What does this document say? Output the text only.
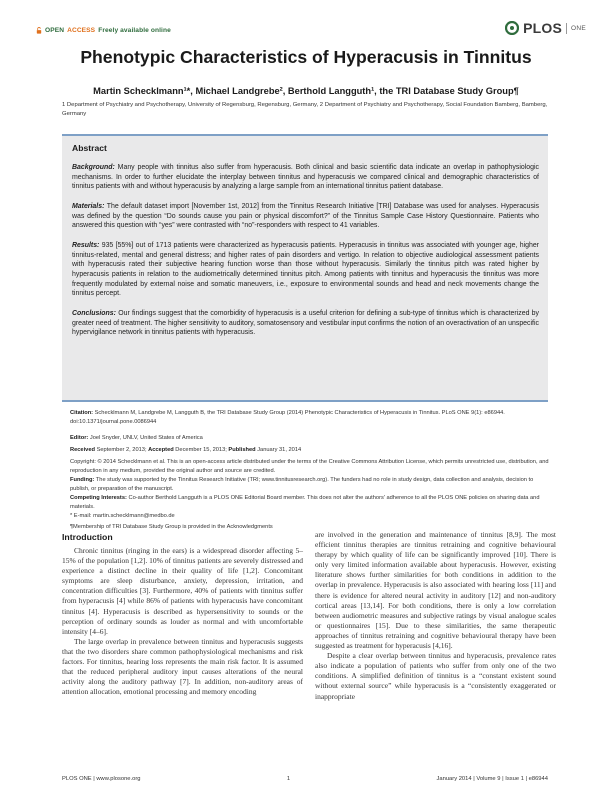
OPEN ACCESS Freely available online	PLOS ONE
Phenotypic Characteristics of Hyperacusis in Tinnitus
Martin Schecklmann¹*, Michael Landgrebe², Berthold Langguth¹, the TRI Database Study Group¶
1 Department of Psychiatry and Psychotherapy, University of Regensburg, Regensburg, Germany, 2 Department of Psychiatry and Psychotherapy, Social Foundation Bamberg, Bamberg, Germany
Abstract

Background: Many people with tinnitus also suffer from hyperacusis. Both clinical and basic scientific data indicate an overlap in pathophysiologic mechanisms. In order to further elucidate the interplay between tinnitus and hyperacusis we compared clinical and demographic characteristics of tinnitus patients with and without hyperacusis by analyzing a large sample from an international tinnitus patient database.

Materials: The default dataset import [November 1st, 2012] from the Tinnitus Research Initiative [TRI] Database was used for analyses. Hyperacusis was defined by the question “Do sounds cause you pain or physical discomfort?” of the Tinnitus Sample Case History Questionnaire. Patients who answered this question with “yes” were contrasted with “no”-responders with respect to 41 variables.

Results: 935 [55%] out of 1713 patients were characterized as hyperacusis patients. Hyperacusis in tinnitus was associated with younger age, higher tinnitus-related, mental and general distress; and higher rates of pain disorders and vertigo. In relation to objective audiological assessment patients with hyperacusis rated their subjective hearing function worse than those without hyperacusis. Similarly the tinnitus pitch was rated higher by hyperacusis patients in relation to the audiometrically determined tinnitus pitch. Among patients with tinnitus and hyperacusis the tinnitus was more frequently modulated by external noise and somatic maneuvers, i.e., exposure to environmental sounds and head and neck movements change the tinnitus percept.

Conclusions: Our findings suggest that the comorbidity of hyperacusis is a useful criterion for defining a sub-type of tinnitus which is characterized by greater need of treatment. The higher sensitivity to auditory, somatosensory and vestibular input confirms the notion of an overactivation of an unspecific hypervigilance network in tinnitus patients with hyperacusis.

Citation: Schecklmann M, Landgrebe M, Langguth B, the TRI Database Study Group (2014) Phenotypic Characteristics of Hyperacusis in Tinnitus. PLoS ONE 9(1): e86944. doi:10.1371/journal.pone.0086944
Editor: Joel Snyder, UNLV, United States of America
Received September 2, 2013; Accepted December 15, 2013; Published January 31, 2014
Copyright: © 2014 Schecklmann et al. This is an open-access article distributed under the terms of the Creative Commons Attribution License, which permits unrestricted use, distribution, and reproduction in any medium, provided the original author and source are credited.
Funding: The study was supported by the Tinnitus Research Initiative (TRI; www.tinnitusresearch.org). The funders had no role in study design, data collection and analysis, decision to publish, or preparation of the manuscript.
Competing Interests: Co-author Berthold Langguth is a PLOS ONE Editorial Board member. This does not alter the authors' adherence to all the PLOS ONE policies on sharing data and materials.
* E-mail: martin.schecklmann@medbo.de
¶Membership of TRI Database Study Group is provided in the Acknowledgments
Introduction

Chronic tinnitus (ringing in the ears) is a widespread disorder affecting 5–15% of the population [1,2]. 10% of tinnitus patients are severely distressed and experience a distinct decline in their quality of life [1,2]. Concomitant symptoms are sleep disturbance, anxiety, depression, irritation, and concentration difficulties [3]. Furthermore, 40% of patients with tinnitus suffer from hyperacusis [4] while 86% of patients with hyperacusis have concomitant tinnitus [4]. Hyperacusis is described as hypersensitivity to sounds or the perception of ordinary sounds as louder as normal and with uncomfortable intensity [4–6].

The large overlap in prevalence between tinnitus and hyperacusis suggests that the two disorders share common pathophysiological mechanisms and risk factors. For tinnitus, hearing loss represents the main risk factor. It is assumed that the reduced peripheral auditory input causes alterations of the neural activity along the auditory pathway [7]. In addition, non-auditory areas of attention allocation, emotional processing and memory encoding

are involved in the generation and maintenance of tinnitus [8,9]. The most efficient tinnitus therapies are tinnitus retraining and cognitive behavioural therapy by which quality of life can be significantly improved [10]. There is only very limited information available about hyperacusis. However, existing literature shows further similarities for both conditions in addition to the overlap in prevalence. Hyperacusis is also associated with hearing loss [11] and there is evidence for altered neural activity in auditory [12] and non-auditory cortical areas [13,14]. For both conditions, there is only a low correlation between audiometric measures and subjective ratings by visual analogue scales or questionnaires [15]. Due to these similarities, the same therapeutic approaches of tinnitus retraining and cognitive behavioural therapy have been suggested as treatment for hyperacusis [4,16].

Despite a clear overlap between tinnitus and hyperacusis, prevalence rates also indicate a population of patients who suffer from only one of the two conditions. A simplified definition of tinnitus is a “constant existent sound without external source” while hyperacusis is a “consistently exaggerated or inappropriate

PLOS ONE | www.plosone.org	1	January 2014 | Volume 9 | Issue 1 | e86944
